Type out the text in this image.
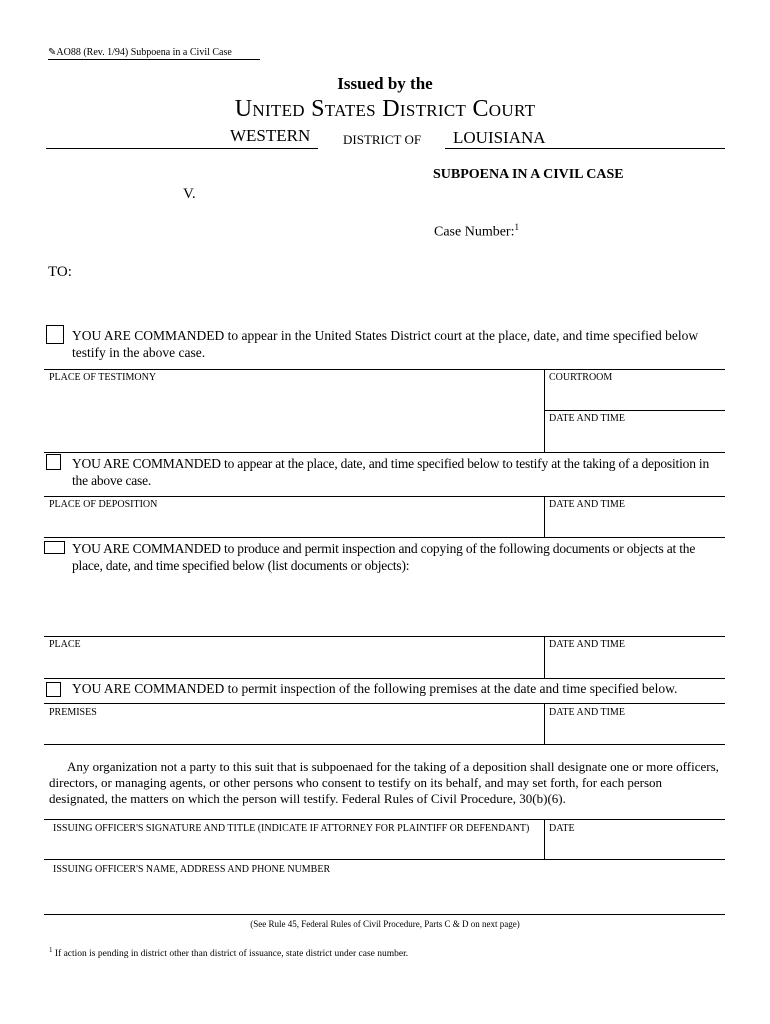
✎AO88 (Rev. 1/94) Subpoena in a Civil Case
Issued by the
United States District Court
WESTERN	DISTRICT OF LOUISIANA
SUBPOENA IN A CIVIL CASE
V.
Case Number:$^1$
TO:
YOU ARE COMMANDED to appear in the United States District court at the place, date, and time specified below testify in the above case.
PLACE OF TESTIMONY	COURTROOM
DATE AND TIME
YOU ARE COMMANDED to appear at the place, date, and time specified below to testify at the taking of a deposition in the above case.
PLACE OF DEPOSITION	DATE AND TIME
YOU ARE COMMANDED to produce and permit inspection and copying of the following documents or objects at the place, date, and time specified below (list documents or objects):
PLACE	DATE AND TIME
YOU ARE COMMANDED to permit inspection of the following premises at the date and time specified below.
PREMISES	DATE AND TIME
Any organization not a party to this suit that is subpoenaed for the taking of a deposition shall designate one or more officers, directors, or managing agents, or other persons who consent to testify on its behalf, and may set forth, for each person designated, the matters on which the person will testify. Federal Rules of Civil Procedure, 30(b)(6).
ISSUING OFFICER'S SIGNATURE AND TITLE (INDICATE IF ATTORNEY FOR PLAINTIFF OR DEFENDANT) DATE
ISSUING OFFICER'S NAME, ADDRESS AND PHONE NUMBER
(See Rule 45, Federal Rules of Civil Procedure, Parts C & D on next page)
$^1$ If action is pending in district other than district of issuance, state district under case number.
